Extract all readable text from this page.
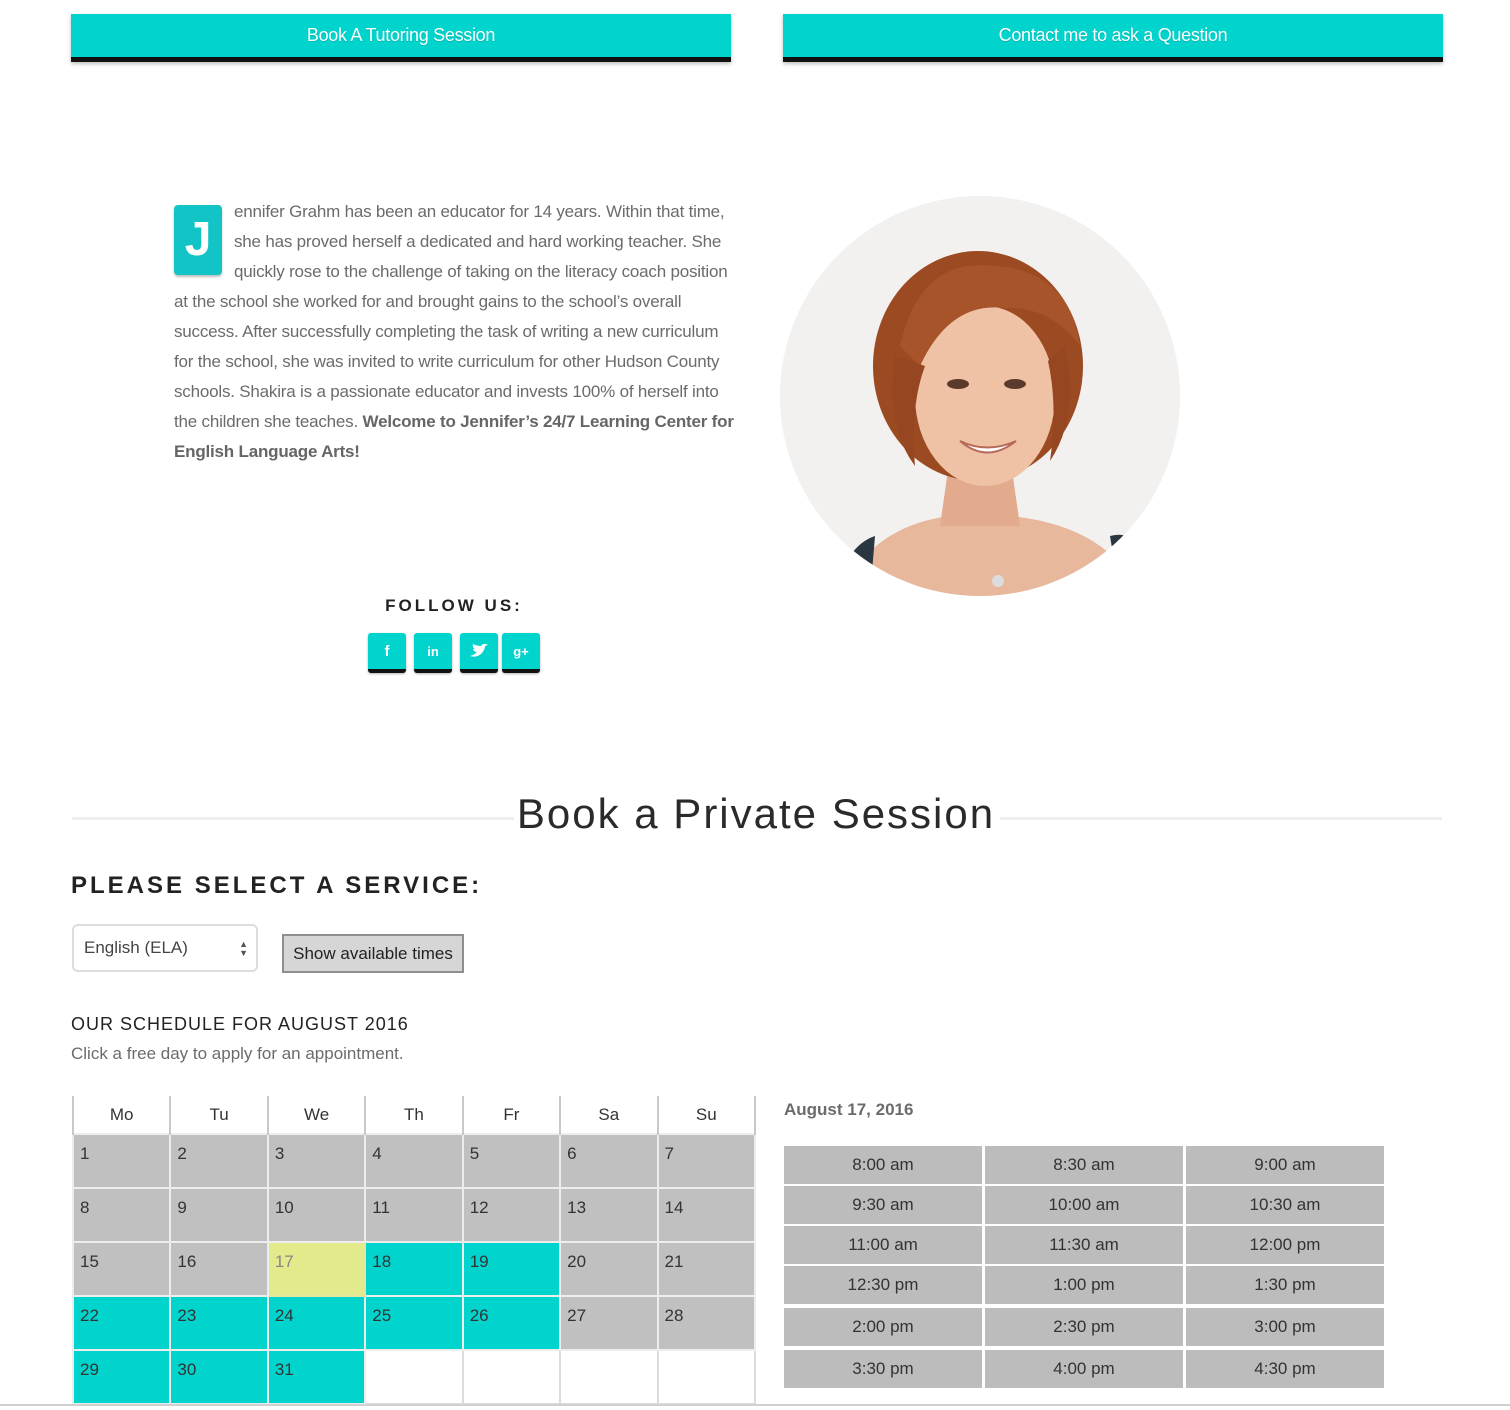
Book A Tutoring Session	Contact me to ask a Question
J
ennifer Grahm has been an educator for 14 years. Within that time, she has proved herself a dedicated and hard working teacher. She quickly rose to the challenge of taking on the literacy coach position at the school she worked for and brought gains to the school’s overall success. After successfully completing the task of writing a new curriculum for the school, she was invited to write curriculum for other Hudson County schools. Shakira is a passionate educator and invests 100% of herself into the children she teaches. Welcome to Jennifer’s 24/7 Learning Center for English Language Arts!
FOLLOW US:
f	in	g+
Book a Private Session
PLEASE SELECT A SERVICE:
English (ELA)	▲
▼	Show available times
OUR SCHEDULE FOR AUGUST 2016
Click a free day to apply for an appointment.
Mo	Tu	We	Th	Fr	Sa	Su
1	2	3	4	5	6	7
8	9	10	11	12	13	14
15	16	17	18	19	20	21
22	23	24	25	26	27	28
29	30	31				
August 17, 2016
8:00 am	8:30 am	9:00 am
9:30 am	10:00 am	10:30 am
11:00 am	11:30 am	12:00 pm
12:30 pm	1:00 pm	1:30 pm
2:00 pm	2:30 pm	3:00 pm
3:30 pm	4:00 pm	4:30 pm
